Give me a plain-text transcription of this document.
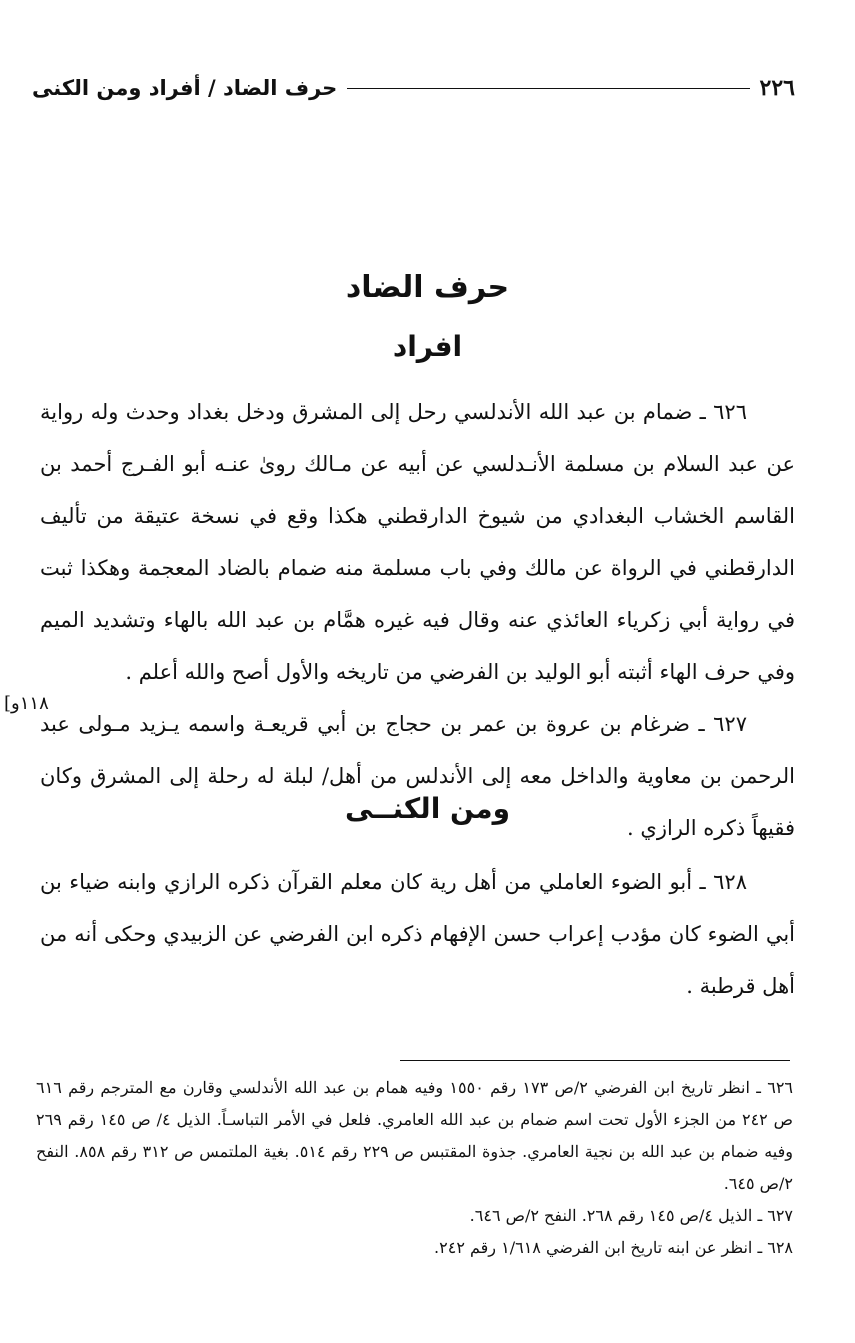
٢٢٦
حرف الضاد / أفراد ومن الكنى
حرف الضاد
افراد

٦٢٦ ـ ضمام بن عبد الله الأندلسي رحل إلى المشرق ودخل بغداد وحدث وله رواية عن عبد السلام بن مسلمة الأنـدلسي عن أبيه عن مـالك روىٰ عنـه أبو الفـرج أحمد بن القاسم الخشاب البغدادي من شيوخ الدارقطني هكذا وقع في نسخة عتيقة من تأليف الدارقطني في الرواة عن مالك وفي باب مسلمة منه ضمام بالضاد المعجمة وهكذا ثبت في رواية أبي زكرياء العائذي عنه وقال فيه غيره همَّام بن عبد الله بالهاء وتشديد الميم وفي حرف الهاء أثبته أبو الوليد بن الفرضي من تاريخه والأول أصح والله أعلم .

٦٢٧ ـ ضرغام بن عروة بن عمر بن حجاج بن أبي قريعـة واسمه يـزيد مـولى عبد الرحمن بن معاوية والداخل معه إلى الأندلس من أهل/ لبلة له رحلة إلى المشرق وكان فقيهاً ذكره الرازي .

[١١٨و
ومن الكنــى

٦٢٨ ـ أبو الضوء العاملي من أهل رية كان معلم القرآن ذكره الرازي وابنه ضياء بن أبي الضوء كان مؤدب إعراب حسن الإفهام ذكره ابن الفرضي عن الزبيدي وحكى أنه من أهل قرطبة .

٦٢٦ ـ انظر تاريخ ابن الفرضي ٢/ص ١٧٣ رقم ١٥٥٠ وفيه همام بن عبد الله الأندلسي وقارن مع المترجم رقم ٦١٦ ص ٢٤٢ من الجزء الأول تحت اسم ضمام بن عبد الله العامري. فلعل في الأمر التباسـاً. الذيل ٤/ ص ١٤٥ رقم ٢٦٩ وفيه ضمام بن عبد الله بن نجية العامري. جذوة المقتبس ص ٢٢٩ رقم ٥١٤. بغية الملتمس ص ٣١٢ رقم ٨٥٨. النفح ٢/ص ٦٤٥.

٦٢٧ ـ الذيل ٤/ص ١٤٥ رقم ٢٦٨. النفح ٢/ص ٦٤٦.

٦٢٨ ـ انظر عن ابنه تاريخ ابن الفرضي ١/٦١٨ رقم ٢٤٢.
